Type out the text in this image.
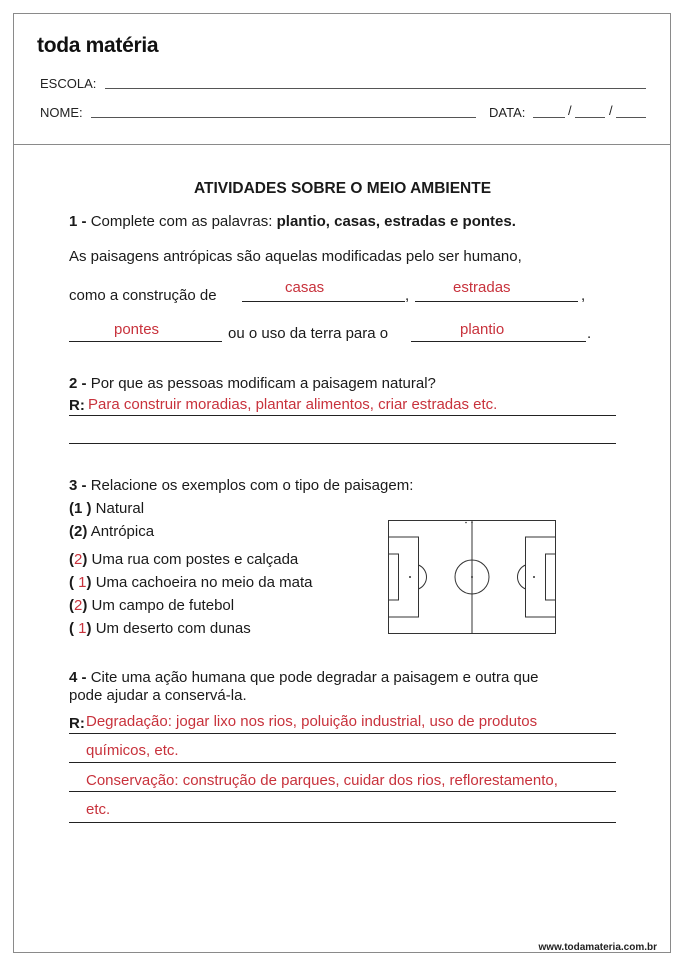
toda matéria
ESCOLA:
NOME:	DATA:	/	/
ATIVIDADES SOBRE O MEIO AMBIENTE
1 - Complete com as palavras: plantio, casas, estradas e pontes.
As paisagens antrópicas são aquelas modificadas pelo ser humano,
como a construção de	casas	,	estradas	,
pontes	ou o uso da terra para o	plantio	.
2 - Por que as pessoas modificam a paisagem natural?
R: Para construir moradias, plantar alimentos, criar estradas etc.
3 - Relacione os exemplos com o tipo de paisagem:
(1 ) Natural
(2) Antrópica
(2) Uma rua com postes e calçada
( 1) Uma cachoeira no meio da mata
(2) Um campo de futebol
( 1) Um deserto com dunas
4 - Cite uma ação humana que pode degradar a paisagem e outra que
pode ajudar a conservá-la.
R: Degradação: jogar lixo nos rios, poluição industrial, uso de produtos
químicos, etc.
Conservação: construção de parques, cuidar dos rios, reflorestamento,
etc.
www.todamateria.com.br
